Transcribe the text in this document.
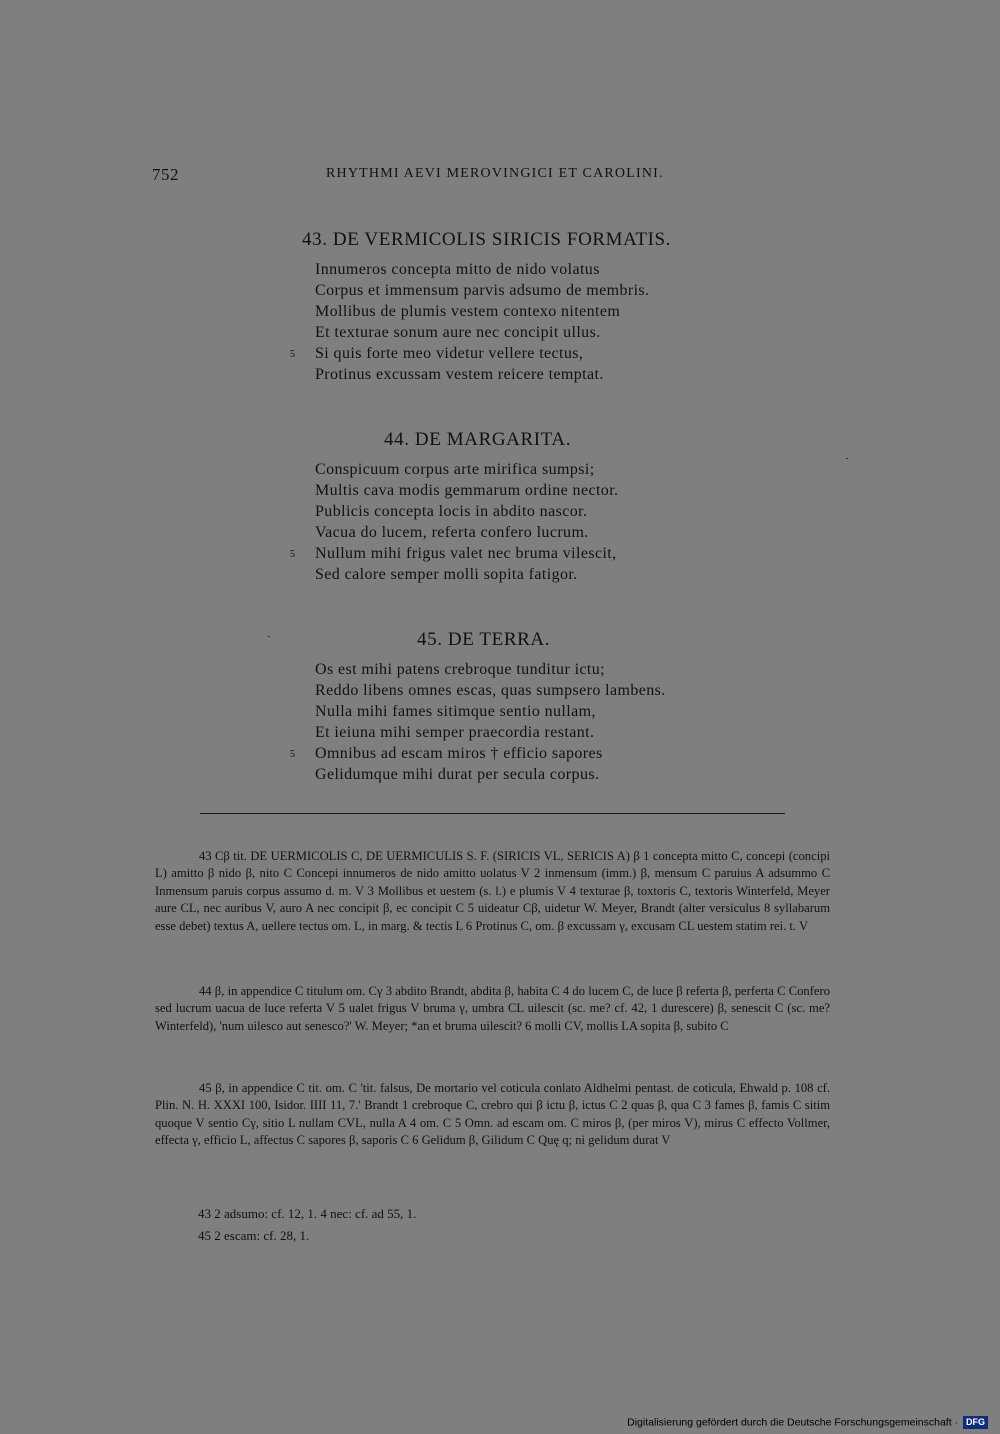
752	RHYTHMI AEVI MEROVINGICI ET CAROLINI.
43. DE VERMICOLIS SIRICIS FORMATIS.
Innumeros concepta mitto de nido volatus
Corpus et immensum parvis adsumo de membris.
Mollibus de plumis vestem contexo nitentem
Et texturae sonum aure nec concipit ullus.
Si quis forte meo videtur vellere tectus,
Protinus excussam vestem reicere temptat.
5
44. DE MARGARITA.
Conspicuum corpus arte mirifica sumpsi;
Multis cava modis gemmarum ordine nector.
Publicis concepta locis in abdito nascor.
Vacua do lucem, referta confero lucrum.
Nullum mihi frigus valet nec bruma vilescit,
Sed calore semper molli sopita fatigor.
5
45. DE TERRA.
Os est mihi patens crebroque tunditur ictu;
Reddo libens omnes escas, quas sumpsero lambens.
Nulla mihi fames sitimque sentio nullam,
Et ieiuna mihi semper praecordia restant.
Omnibus ad escam miros † efficio sapores
Gelidumque mihi durat per secula corpus.
5

43 Cβ tit. DE UERMICOLIS C, DE UERMICULIS S. F. (SIRICIS VL, SERICIS A) β 1 concepta mitto C, concepi (concipi L) amitto β nido β, nito C Concepi innumeros de nido amitto uolatus V 2 inmensum (imm.) β, mensum C paruius A adsummo C Inmensum paruis corpus assumo d. m. V 3 Mollibus et uestem (s. l.) e plumis V 4 texturae β, toxtoris C, textoris Winterfeld, Meyer aure CL, nec auribus V, auro A nec concipit β, ec concipit C 5 uideatur Cβ, uidetur W. Meyer, Brandt (alter versiculus 8 syllabarum esse debet) textus A, uellere tectus om. L, in marg. & tectis L 6 Protinus C, om. β excussam γ, excusam CL uestem statim rei. t. V

44 β, in appendice C titulum om. Cγ 3 abdito Brandt, abdita β, habita C 4 do lucem C, de luce β referta β, perferta C Confero sed lucrum uacua de luce referta V 5 ualet frigus V bruma γ, umbra CL uilescit (sc. me? cf. 42, 1 durescere) β, senescit C (sc. me? Winterfeld), 'num uilesco aut senesco?' W. Meyer; *an et bruma uilescit? 6 molli CV, mollis LA sopita β, subito C

45 β, in appendice C tit. om. C 'tit. falsus, De mortario vel coticula conlato Aldhelmi pentast. de coticula, Ehwald p. 108 cf. Plin. N. H. XXXI 100, Isidor. IIII 11, 7.' Brandt 1 crebroque C, crebro qui β ictu β, ictus C 2 quas β, qua C 3 fames β, famis C sitim quoque V sentio Cγ, sitio L nullam CVL, nulla A 4 om. C 5 Omn. ad escam om. C miros β, (per miros V), mirus C effecto Vollmer, effecta γ, efficio L, affectus C sapores β, saporis C 6 Gelidum β, Gilidum C Quę q; ni gelidum durat V

43 2 adsumo: cf. 12, 1. 4 nec: cf. ad 55, 1.
45 2 escam: cf. 28, 1.
Digitalisierung gefördert durch die Deutsche Forschungsgemeinschaft · DFG
